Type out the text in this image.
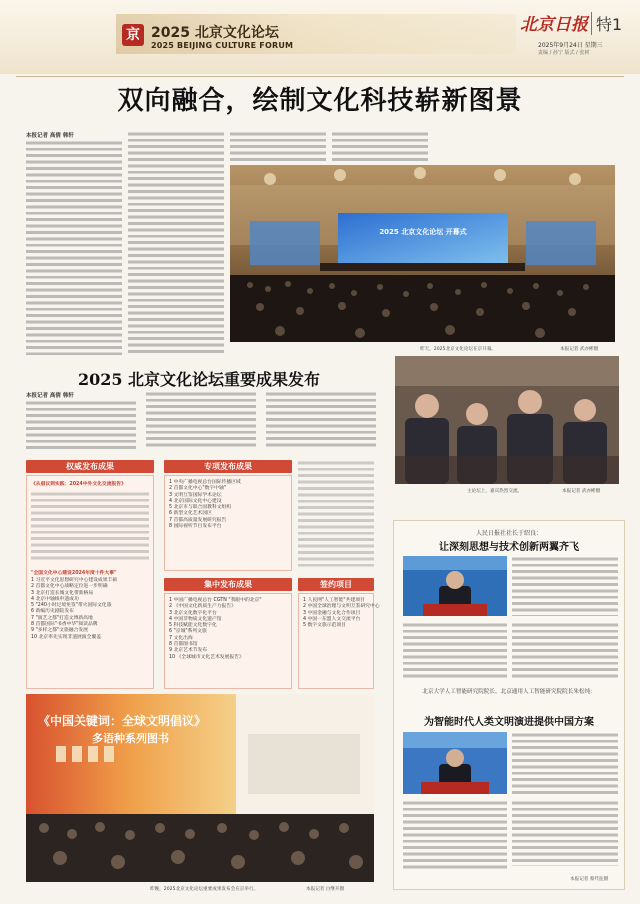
京 2025 北京文化论坛
2025 BEIJING CULTURE FORUM
北京日报 特1
2025年9月24日 星期三
责编 / 孙宁 版式 / 张树
双向融合，绘制文化科技崭新图景
本报记者 高倩 韩轩
2025 北京文化论坛 开幕式
昨天，2025北京文化论坛在京开幕。	本报记者 武亦彬摄
2025 北京文化论坛重要成果发布
本报记者 高倩 韩轩
主论坛上，嘉宾热烈交流。	本报记者 武亦彬摄
权威发布成果
《从倡议到实践：2024中外文化交流报告》
"全国文化中心建设2024年度十件大事"
1 习近平文化思想研究中心建设成果丰硕
2 首都文化中心战略定位进一步明确
3 北京打造长城文化带新格局
4 北京中轴线申遗成功
5 "240小时过境免签"带火国际文化旅
6 新编历史剧院发布
7 "演艺之都"打造文博新高地
8 首都国际"书香中华"阅读品牌
9 "多样之都"文旅融合发展
10 北京率先实现非遗展演全覆盖
专项发布成果
1 中央广播电视总台国际传播区域
2 首都文化中心"数字中轴"
3 文明互鉴国际学术论坛
4 北京国际文化中心建设
5 北京市与联合国教科文组织
6 新型文化艺术园区
7 首都高质量发展研究报告
8 国际视听节目发布平台
集中发布成果
1 中国广播电视总台 CGTN "我眼中的北京"
2 《中国文化新质生产力报告》
3 北京文化数字化平台
4 中国非物质文化遗产馆
5 科技赋能文化数字化
6 "京城"系列文旅
7 文化出海
8 首都图书馆
9 北京艺术节发布
10 《全球城市文化艺术发展报告》
签约项目
1 人民网"人工智能"共建项目
2 中国全球治理与文明互鉴研究中心
3 中国金融与文化合作项目
4 中国一东盟人文交流平台
5 数字文旅示范项目
《中国关键词：全球文明倡议》
多语种系列图书
昨晚，2025北京文化论坛重要成果发布会在京举行。	本报记者 白继开摄
人民日报社社长于绍良：
让深刻思想与技术创新两翼齐飞
北京大学人工智能研究院院长、北京通用人工智能研究院院长朱松纯：
为智能时代人类文明演进提供中国方案
本报记者 蔡代征摄
